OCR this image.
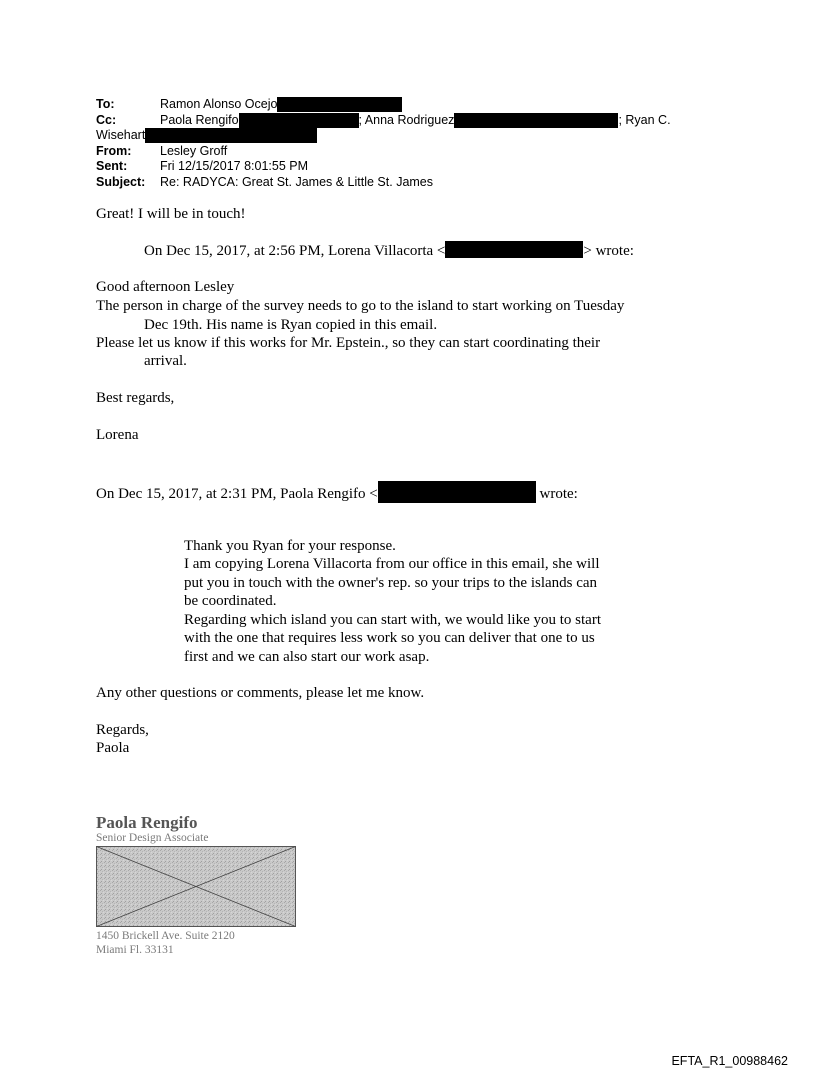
To:	Ramon Alonso Ocejo
Cc:	Paola Rengifo	; Anna Rodriguez	; Ryan C.
Wisehart
From:	Lesley Groff
Sent:	Fri 12/15/2017 8:01:55 PM
Subject:	Re: RADYCA: Great St. James & Little St. James
Great! I will be in touch!
On Dec 15, 2017, at 2:56 PM, Lorena Villacorta <	> wrote:
Good afternoon Lesley
The person in charge of the survey needs to go to the island to start working on Tuesday
Dec 19th. His name is Ryan copied in this email.
Please let us know if this works for Mr. Epstein., so they can start coordinating their
arrival.
Best regards,
Lorena
On Dec 15, 2017, at 2:31 PM, Paola Rengifo <	wrote:
Thank you Ryan for your response.
I am copying Lorena Villacorta from our office in this email, she will
put you in touch with the owner's rep. so your trips to the islands can
be coordinated.
Regarding which island you can start with, we would like you to start
with the one that requires less work so you can deliver that one to us
first and we can also start our work asap.
Any other questions or comments, please let me know.
Regards,
Paola
Paola Rengifo
Senior Design Associate
1450 Brickell Ave. Suite 2120
Miami Fl. 33131
EFTA_R1_00988462
